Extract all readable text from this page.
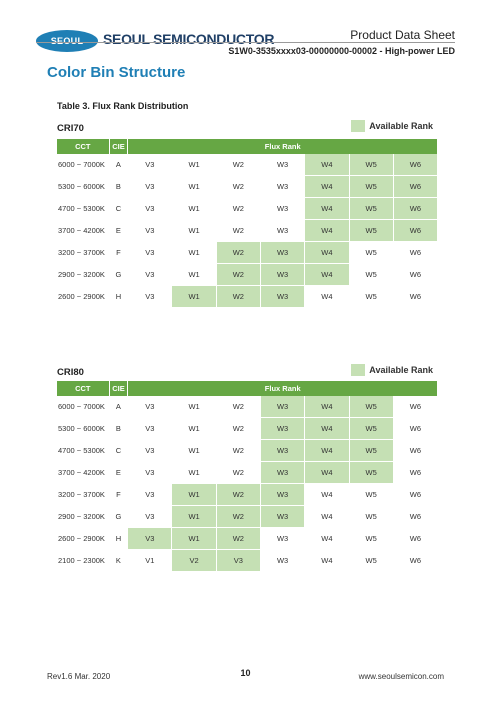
SEOUL SEOUL SEMICONDUCTOR	Product Data Sheet
S1W0-3535xxxx03-00000000-00002 - High-power LED
Color Bin Structure
Table 3. Flux Rank Distribution
CRI70	Available Rank
CCT	CIE	Flux Rank
6000 ~ 7000K	A	V3	W1	W2	W3	W4	W5	W6
5300 ~ 6000K	B	V3	W1	W2	W3	W4	W5	W6
4700 ~ 5300K	C	V3	W1	W2	W3	W4	W5	W6
3700 ~ 4200K	E	V3	W1	W2	W3	W4	W5	W6
3200 ~ 3700K	F	V3	W1	W2	W3	W4	W5	W6
2900 ~ 3200K	G	V3	W1	W2	W3	W4	W5	W6
2600 ~ 2900K	H	V3	W1	W2	W3	W4	W5	W6
CRI80	Available Rank
CCT	CIE	Flux Rank
6000 ~ 7000K	A	V3	W1	W2	W3	W4	W5	W6
5300 ~ 6000K	B	V3	W1	W2	W3	W4	W5	W6
4700 ~ 5300K	C	V3	W1	W2	W3	W4	W5	W6
3700 ~ 4200K	E	V3	W1	W2	W3	W4	W5	W6
3200 ~ 3700K	F	V3	W1	W2	W3	W4	W5	W6
2900 ~ 3200K	G	V3	W1	W2	W3	W4	W5	W6
2600 ~ 2900K	H	V3	W1	W2	W3	W4	W5	W6
2100 ~ 2300K	K	V1	V2	V3	W3	W4	W5	W6
Rev1.6 Mar. 2020	10	www.seoulsemicon.com
